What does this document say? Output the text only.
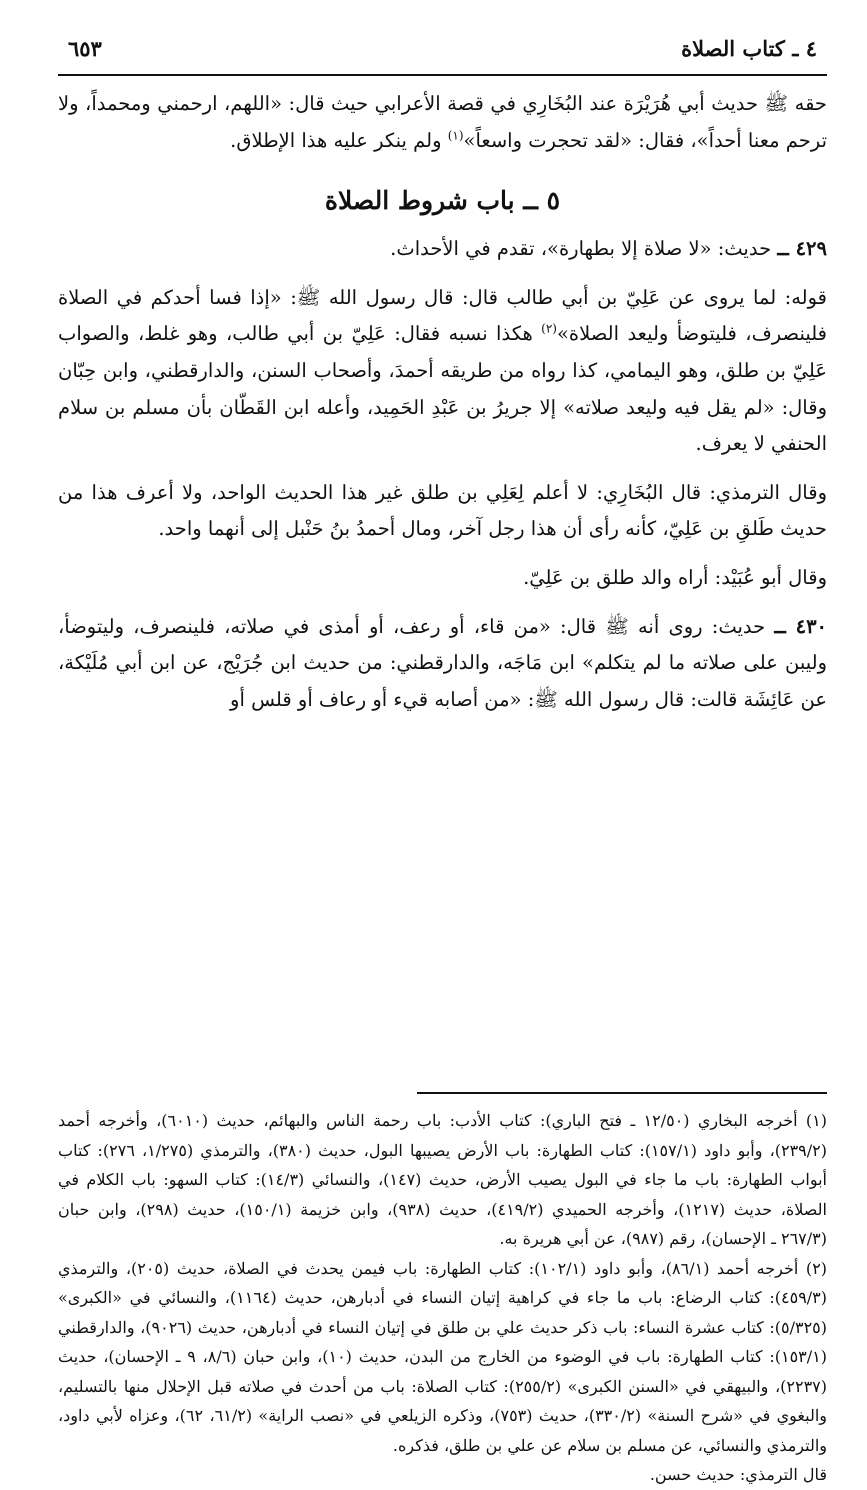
٤ ـ كتاب الصلاة
٦٥٣

حقه ﷺ حديث أبي هُرَيْرَة عند البُخَارِي في قصة الأعرابي حيث قال: «اللهم، ارحمني ومحمداً، ولا ترحم معنا أحداً»، فقال: «لقد تحجرت واسعاً»$^{(١)}$ ولم ينكر عليه هذا الإطلاق.

٥ ــ باب شروط الصلاة

٤٢٩ ــ حديث: «لا صلاة إلا بطهارة»، تقدم في الأحداث.

قوله: لما يروى عن عَلِيّ بن أبي طالب قال: قال رسول الله ﷺ: «إذا فسا أحدكم في الصلاة فلينصرف، فليتوضأ وليعد الصلاة»$^{(٢)}$ هكذا نسبه فقال: عَلِيّ بن أبي طالب، وهو غلط، والصواب عَلِيّ بن طلق، وهو اليمامي، كذا رواه من طريقه أحمدَ، وأصحاب السنن، والدارقطني، وابن حِبّان وقال: «لم يقل فيه وليعد صلاته» إلا جريرُ بن عَبْدِ الحَمِيد، وأعله ابن القَطّان بأن مسلم بن سلام الحنفي لا يعرف.

وقال الترمذي: قال البُخَارِي: لا أعلم لِعَلِي بن طلق غير هذا الحديث الواحد، ولا أعرف هذا من حديث طَلقِ بن عَلِيّ، كأنه رأى أن هذا رجل آخر، ومال أحمدُ بنُ حَنْبل إلى أنهما واحد.

وقال أبو عُبَيْد: أراه والد طلق بن عَلِيّ.

٤٣٠ ــ حديث: روى أنه ﷺ قال: «من قاء، أو رعف، أو أمذى في صلاته، فلينصرف، وليتوضأ، وليبن على صلاته ما لم يتكلم» ابن مَاجَه، والدارقطني: من حديث ابن جُرَيْج، عن ابن أبي مُلَيْكة، عن عَائِشَة قالت: قال رسول الله ﷺ: «من أصابه قيء أو رعاف أو قلس أو

(١) أخرجه البخاري (١٢/٥٠ ـ فتح الباري): كتاب الأدب: باب رحمة الناس والبهائم، حديث (٦٠١٠)، وأخرجه أحمد (٢٣٩/٢)، وأبو داود (١٥٧/١): كتاب الطهارة: باب الأرض يصيبها البول، حديث (٣٨٠)، والترمذي (١/٢٧٥، ٢٧٦): كتاب أبواب الطهارة: باب ما جاء في البول يصيب الأرض، حديث (١٤٧)، والنسائي (١٤/٣): كتاب السهو: باب الكلام في الصلاة، حديث (١٢١٧)، وأخرجه الحميدي (٤١٩/٢)، حديث (٩٣٨)، وابن خزيمة (١٥٠/١)، حديث (٢٩٨)، وابن حبان (٢٦٧/٣ ـ الإحسان)، رقم (٩٨٧)، عن أبي هريرة به.

(٢) أخرجه أحمد (٨٦/١)، وأبو داود (١٠٢/١): كتاب الطهارة: باب فيمن يحدث في الصلاة، حديث (٢٠٥)، والترمذي (٤٥٩/٣): كتاب الرضاع: باب ما جاء في كراهية إتيان النساء في أدبارهن، حديث (١١٦٤)، والنسائي في «الكبرى» (٥/٣٢٥): كتاب عشرة النساء: باب ذكر حديث علي بن طلق في إتيان النساء في أدبارهن، حديث (٩٠٢٦)، والدارقطني (١٥٣/١): كتاب الطهارة: باب في الوضوء من الخارج من البدن، حديث (١٠)، وابن حبان (٨/٦، ٩ ـ الإحسان)، حديث (٢٢٣٧)، والبيهقي في «السنن الكبرى» (٢٥٥/٢): كتاب الصلاة: باب من أحدث في صلاته قبل الإحلال منها بالتسليم، والبغوي في «شرح السنة» (٣٣٠/٢)، حديث (٧٥٣)، وذكره الزيلعي في «نصب الراية» (٦١/٢، ٦٢)، وعزاه لأبي داود، والترمذي والنسائي، عن مسلم بن سلام عن علي بن طلق، فذكره.

قال الترمذي: حديث حسن.
